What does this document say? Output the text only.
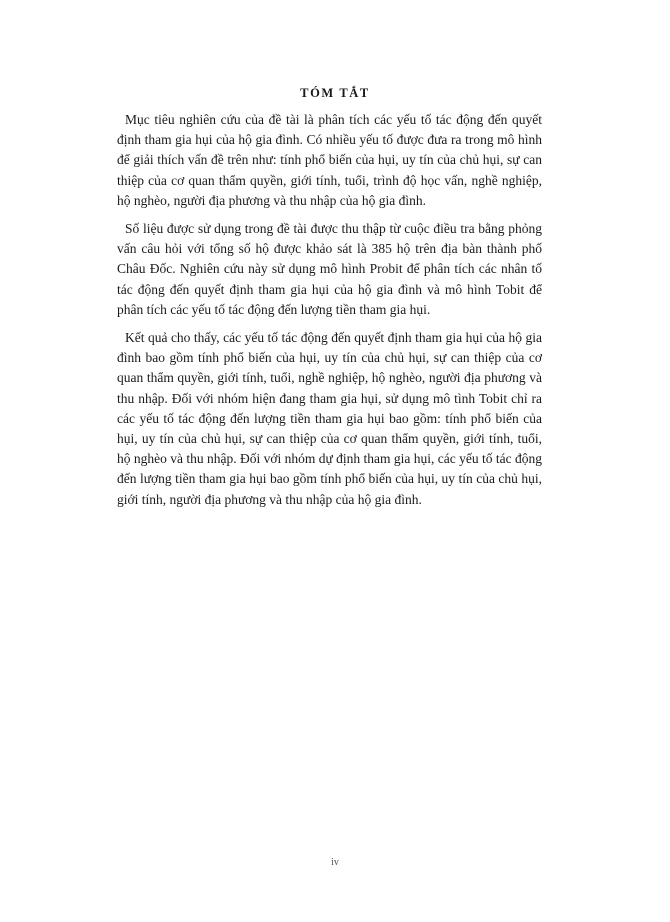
TÓM TẮT

Mục tiêu nghiên cứu của đề tài là phân tích các yếu tố tác động đến quyết định tham gia hụi của hộ gia đình. Có nhiều yếu tố được đưa ra trong mô hình để giải thích vấn đề trên như: tính phổ biến của hụi, uy tín của chủ hụi, sự can thiệp của cơ quan thẩm quyền, giới tính, tuổi, trình độ học vấn, nghề nghiệp, hộ nghèo, người địa phương và thu nhập của hộ gia đình.

Số liệu được sử dụng trong đề tài được thu thập từ cuộc điều tra bằng phỏng vấn câu hỏi với tổng số hộ được khảo sát là 385 hộ trên địa bàn thành phố Châu Đốc. Nghiên cứu này sử dụng mô hình Probit để phân tích các nhân tố tác động đến quyết định tham gia hụi của hộ gia đình và mô hình Tobit để phân tích các yếu tố tác động đến lượng tiền tham gia hụi.

Kết quả cho thấy, các yếu tố tác động đến quyết định tham gia hụi của hộ gia đình bao gồm tính phổ biến của hụi, uy tín của chủ hụi, sự can thiệp của cơ quan thẩm quyền, giới tính, tuổi, nghề nghiệp, hộ nghèo, người địa phương và thu nhập. Đối với nhóm hiện đang tham gia hụi, sử dụng mô tình Tobit chỉ ra các yếu tố tác động đến lượng tiền tham gia hụi bao gồm: tính phổ biến của hụi, uy tín của chủ hụi, sự can thiệp của cơ quan thẩm quyền, giới tính, tuổi, hộ nghèo và thu nhập. Đối với nhóm dự định tham gia hụi, các yếu tố tác động đến lượng tiền tham gia hụi bao gồm tính phổ biến của hụi, uy tín của chủ hụi, giới tính, người địa phương và thu nhập của hộ gia đình.

iv
